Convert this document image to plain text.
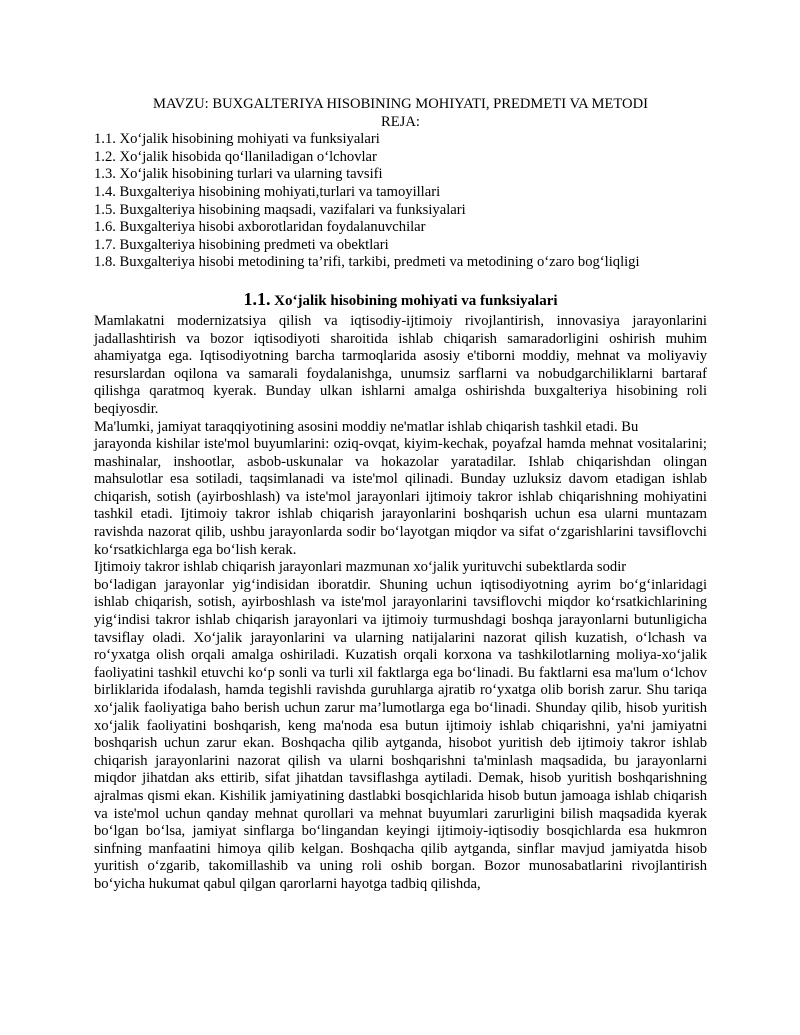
MAVZU: BUXGALTERIYA HISOBINING MOHIYATI, PREDMETI VA METODI
REJA:
1.1. Xo‘jalik hisobining mohiyati va funksiyalari
1.2. Xo‘jalik hisobida qo‘llaniladigan o‘lchovlar
1.3. Xo‘jalik hisobining turlari va ularning tavsifi
1.4. Buxgalteriya hisobining mohiyati,turlari va tamoyillari
1.5. Buxgalteriya hisobining maqsadi, vazifalari va funksiyalari
1.6. Buxgalteriya hisobi axborotlaridan foydalanuvchilar
1.7. Buxgalteriya hisobining predmeti va obektlari
1.8. Buxgalteriya hisobi metodining ta’rifi, tarkibi, predmeti va metodining o‘zaro bog‘liqligi
1.1. Xo‘jalik hisobining mohiyati va funksiyalari

Mamlakatni modernizatsiya qilish va iqtisodiy-ijtimoiy rivojlantirish, innovasiya jarayonlarini jadallashtirish va bozor iqtisodiyoti sharoitida ishlab chiqarish samaradorligini oshirish muhim ahamiyatga ega. Iqtisodiyotning barcha tarmoqlarida asosiy e'tiborni moddiy, mehnat va moliyaviy resurslardan oqilona va samarali foydalanishga, unumsiz sarflarni va nobudgarchiliklarni bartaraf qilishga qaratmoq kyerak. Bunday ulkan ishlarni amalga oshirishda buxgalteriya hisobining roli beqiyosdir.

Ma'lumki, jamiyat taraqqiyotining asosini moddiy ne'matlar ishlab chiqarish tashkil etadi. Bu

jarayonda kishilar iste'mol buyumlarini: oziq-ovqat, kiyim-kechak, poyafzal hamda mehnat vositalarini; mashinalar, inshootlar, asbob-uskunalar va hokazolar yaratadilar. Ishlab chiqarishdan olingan mahsulotlar esa sotiladi, taqsimlanadi va iste'mol qilinadi. Bunday uzluksiz davom etadigan ishlab chiqarish, sotish (ayirboshlash) va iste'mol jarayonlari ijtimoiy takror ishlab chiqarishning mohiyatini tashkil etadi. Ijtimoiy takror ishlab chiqarish jarayonlarini boshqarish uchun esa ularni muntazam ravishda nazorat qilib, ushbu jarayonlarda sodir bo‘layotgan miqdor va sifat o‘zgarishlarini tavsiflovchi ko‘rsatkichlarga ega bo‘lish kerak.

Ijtimoiy takror ishlab chiqarish jarayonlari mazmunan xo‘jalik yurituvchi subektlarda sodir

bo‘ladigan jarayonlar yig‘indisidan iboratdir. Shuning uchun iqtisodiyotning ayrim bo‘g‘inlaridagi ishlab chiqarish, sotish, ayirboshlash va iste'mol jarayonlarini tavsiflovchi miqdor ko‘rsatkichlarining yig‘indisi takror ishlab chiqarish jarayonlari va ijtimoiy turmushdagi boshqa jarayonlarni butunligicha tavsiflay oladi. Xo‘jalik jarayonlarini va ularning natijalarini nazorat qilish kuzatish, o‘lchash va ro‘yxatga olish orqali amalga oshiriladi. Kuzatish orqali korxona va tashkilotlarning moliya-xo‘jalik faoliyatini tashkil etuvchi ko‘p sonli va turli xil faktlarga ega bo‘linadi. Bu faktlarni esa ma'lum o‘lchov birliklarida ifodalash, hamda tegishli ravishda guruhlarga ajratib ro‘yxatga olib borish zarur. Shu tariqa xo‘jalik faoliyatiga baho berish uchun zarur ma’lumotlarga ega bo‘linadi. Shunday qilib, hisob yuritish xo‘jalik faoliyatini boshqarish, keng ma'noda esa butun ijtimoiy ishlab chiqarishni, ya'ni jamiyatni boshqarish uchun zarur ekan. Boshqacha qilib aytganda, hisobot yuritish deb ijtimoiy takror ishlab chiqarish jarayonlarini nazorat qilish va ularni boshqarishni ta'minlash maqsadida, bu jarayonlarni miqdor jihatdan aks ettirib, sifat jihatdan tavsiflashga aytiladi. Demak, hisob yuritish boshqarishning ajralmas qismi ekan. Kishilik jamiyatining dastlabki bosqichlarida hisob butun jamoaga ishlab chiqarish va iste'mol uchun qanday mehnat qurollari va mehnat buyumlari zarurligini bilish maqsadida kyerak bo‘lgan bo‘lsa, jamiyat sinflarga bo‘lingandan keyingi ijtimoiy-iqtisodiy bosqichlarda esa hukmron sinfning manfaatini himoya qilib kelgan. Boshqacha qilib aytganda, sinflar mavjud jamiyatda hisob yuritish o‘zgarib, takomillashib va uning roli oshib borgan. Bozor munosabatlarini rivojlantirish bo‘yicha hukumat qabul qilgan qarorlarni hayotga tadbiq qilishda,
